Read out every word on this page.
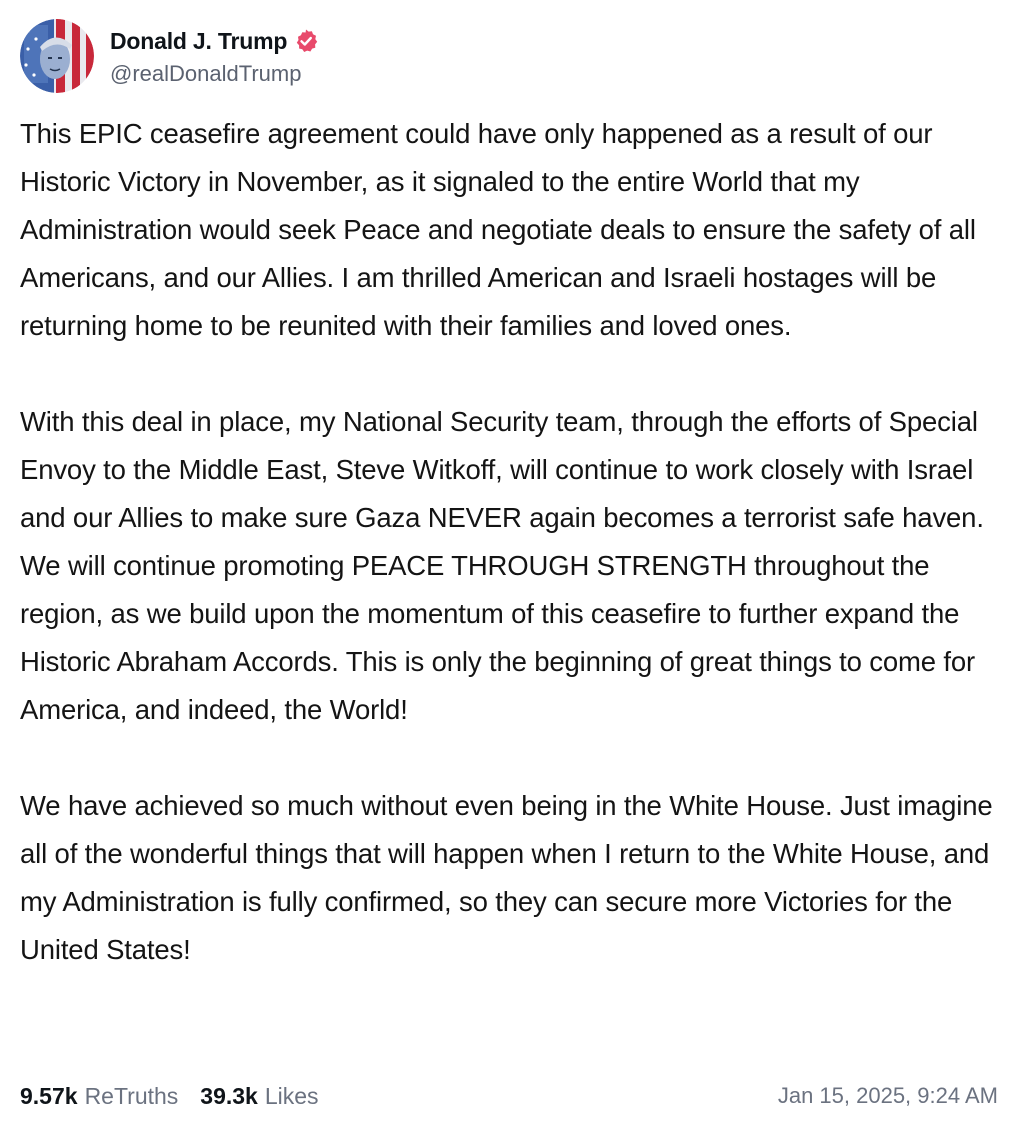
Donald J. Trump
@realDonaldTrump

This EPIC ceasefire agreement could have only happened as a result of our Historic Victory in November, as it signaled to the entire World that my Administration would seek Peace and negotiate deals to ensure the safety of all Americans, and our Allies. I am thrilled American and Israeli hostages will be returning home to be reunited with their families and loved ones.

With this deal in place, my National Security team, through the efforts of Special Envoy to the Middle East, Steve Witkoff, will continue to work closely with Israel and our Allies to make sure Gaza NEVER again becomes a terrorist safe haven. We will continue promoting PEACE THROUGH STRENGTH throughout the region, as we build upon the momentum of this ceasefire to further expand the Historic Abraham Accords. This is only the beginning of great things to come for America, and indeed, the World!

We have achieved so much without even being in the White House. Just imagine all of the wonderful things that will happen when I return to the White House, and my Administration is fully confirmed, so they can secure more Victories for the United States!

9.57k ReTruths 39.3k Likes	Jan 15, 2025, 9:24 AM
